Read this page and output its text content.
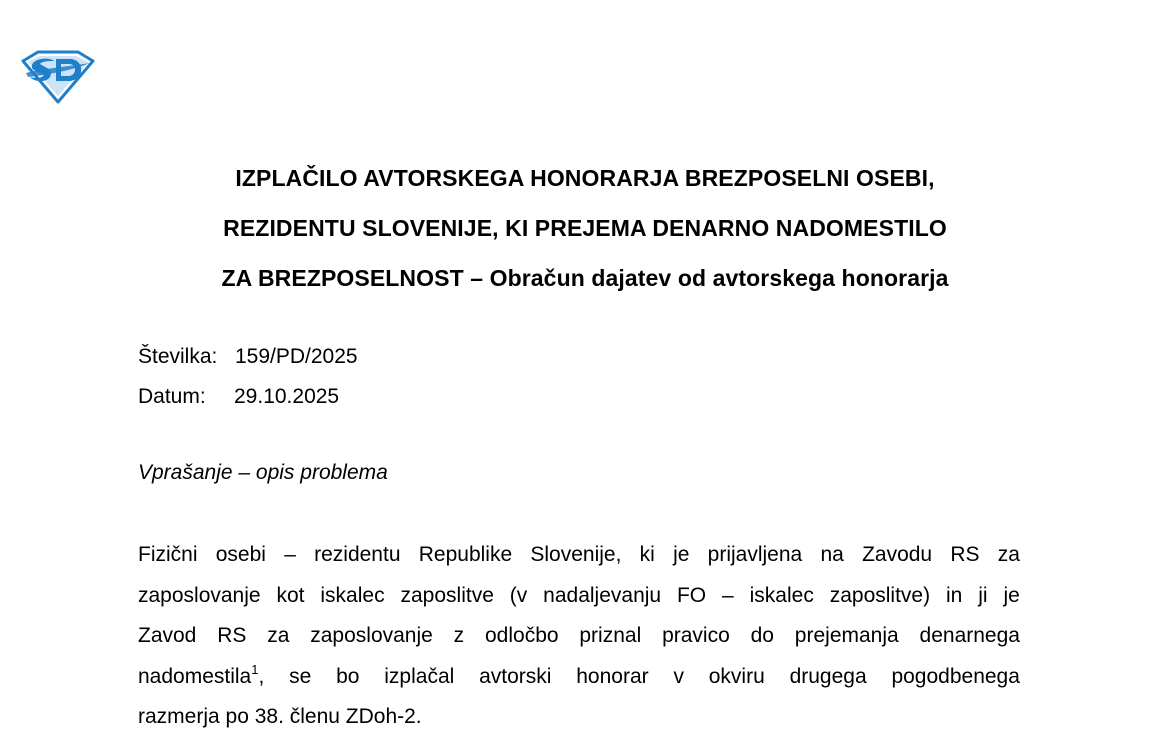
IZPLAČILO AVTORSKEGA HONORARJA BREZPOSELNI OSEBI,
REZIDENTU SLOVENIJE, KI PREJEMA DENARNO NADOMESTILO
ZA BREZPOSELNOST – Obračun dajatev od avtorskega honorarja
Številka: 159/PD/2025
Datum: 29.10.2025
Vprašanje – opis problema
Fizični osebi – rezidentu Republike Slovenije, ki je prijavljena na Zavodu RS za
zaposlovanje kot iskalec zaposlitve (v nadaljevanju FO – iskalec zaposlitve) in ji je
Zavod RS za zaposlovanje z odločbo priznal pravico do prejemanja denarnega
nadomestila$^1$, se bo izplačal avtorski honorar v okviru drugega pogodbenega
razmerja po 38. členu ZDoh-2.
